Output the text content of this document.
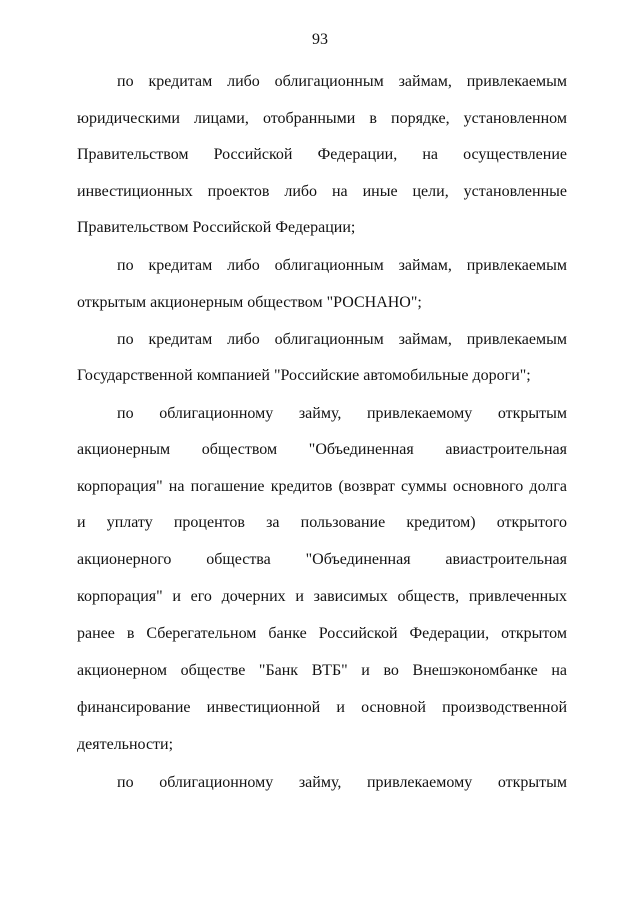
93
по кредитам либо облигационным займам, привлекаемым
юридическими лицами, отобранными в порядке, установленном
Правительством Российской Федерации, на осуществление
инвестиционных проектов либо на иные цели, установленные
Правительством Российской Федерации;
по кредитам либо облигационным займам, привлекаемым
открытым акционерным обществом "РОСНАНО";
по кредитам либо облигационным займам, привлекаемым
Государственной компанией "Российские автомобильные дороги";
по облигационному займу, привлекаемому открытым
акционерным обществом "Объединенная авиастроительная
корпорация" на погашение кредитов (возврат суммы основного долга
и уплату процентов за пользование кредитом) открытого
акционерного общества "Объединенная авиастроительная
корпорация" и его дочерних и зависимых обществ, привлеченных
ранее в Сберегательном банке Российской Федерации, открытом
акционерном обществе "Банк ВТБ" и во Внешэкономбанке на
финансирование инвестиционной и основной производственной
деятельности;
по облигационному займу, привлекаемому открытым
